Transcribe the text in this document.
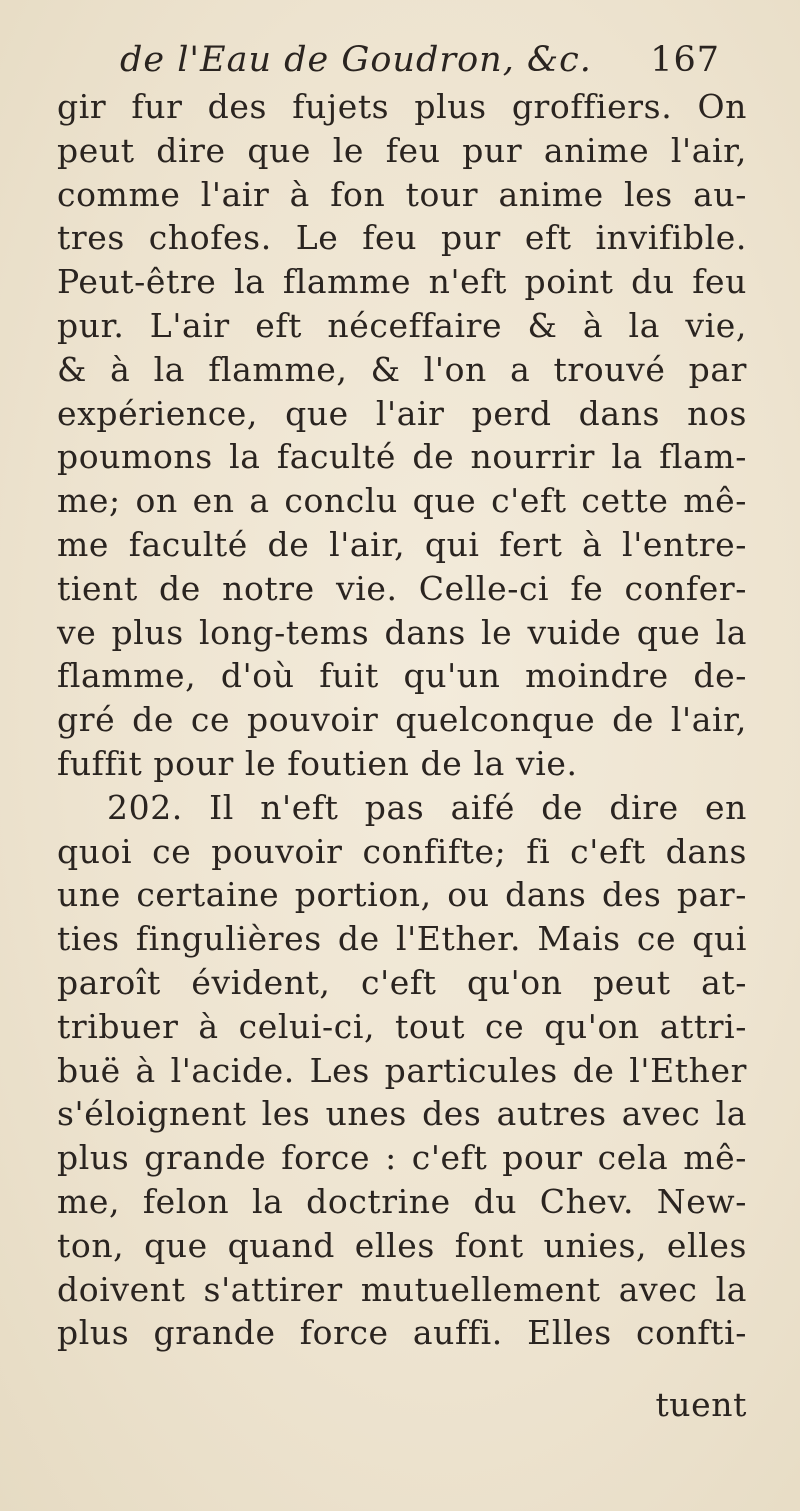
de l'Eau de Goudron, &c. 167
gir fur des fujets plus groffiers. On
peut dire que le feu pur anime l'air,
comme l'air à fon tour anime les au-
tres chofes. Le feu pur eft invifible.
Peut-être la flamme n'eft point du feu
pur. L'air eft néceffaire & à la vie,
& à la flamme, & l'on a trouvé par
expérience, que l'air perd dans nos
poumons la faculté de nourrir la flam-
me; on en a conclu que c'eft cette mê-
me faculté de l'air, qui fert à l'entre-
tient de notre vie. Celle-ci fe confer-
ve plus long-tems dans le vuide que la
flamme, d'où fuit qu'un moindre de-
gré de ce pouvoir quelconque de l'air,
fuffit pour le foutien de la vie.
202. Il n'eft pas aifé de dire en
quoi ce pouvoir confifte; fi c'eft dans
une certaine portion, ou dans des par-
ties fingulières de l'Ether. Mais ce qui
paroît évident, c'eft qu'on peut at-
tribuer à celui-ci, tout ce qu'on attri-
buë à l'acide. Les particules de l'Ether
s'éloignent les unes des autres avec la
plus grande force : c'eft pour cela mê-
me, felon la doctrine du Chev. New-
ton, que quand elles font unies, elles
doivent s'attirer mutuellement avec la
plus grande force auffi. Elles confti-
tuent
